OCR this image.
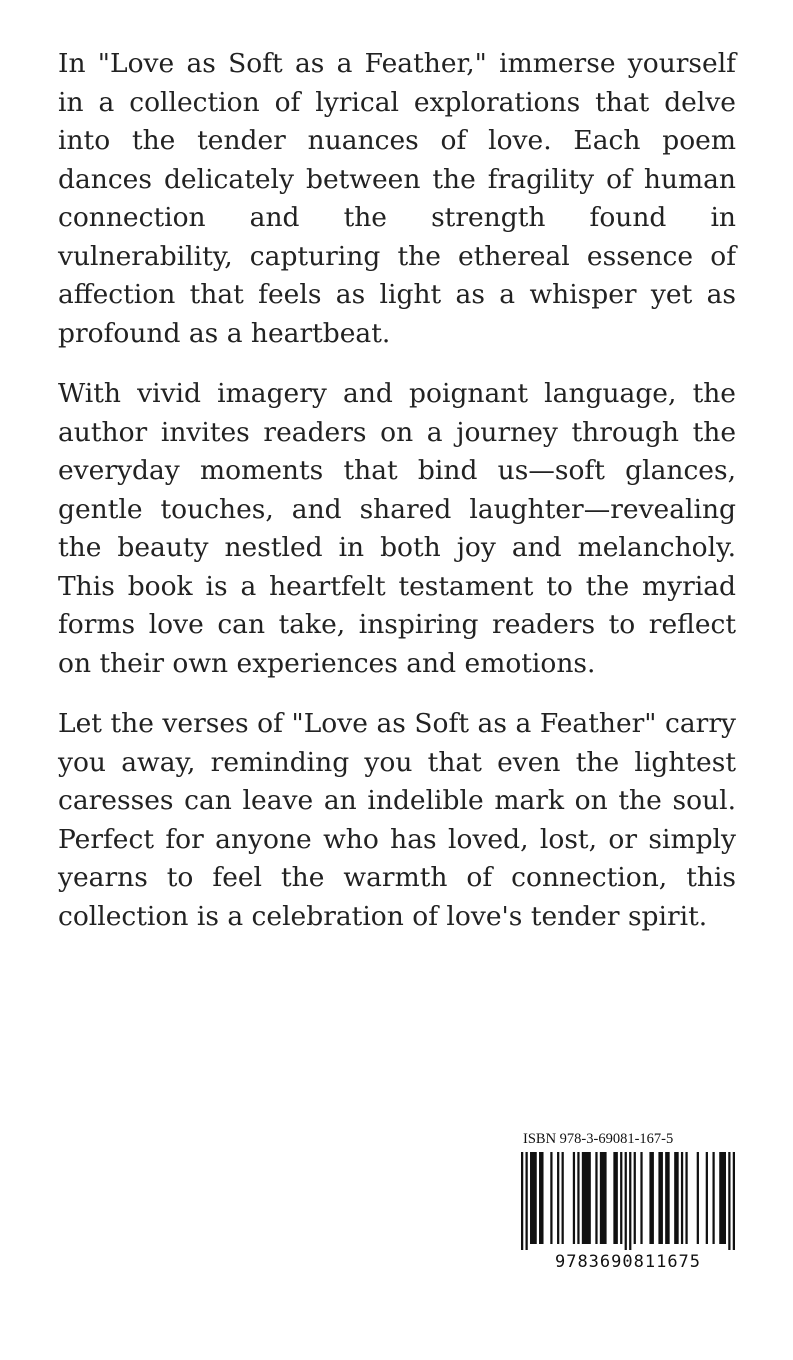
In "Love as Soft as a Feather," immerse yourself in a collection of lyrical explorations that delve into the tender nuances of love. Each poem dances delicately between the fragility of human connection and the strength found in vulnerability, capturing the ethereal essence of affection that feels as light as a whisper yet as profound as a heartbeat.

With vivid imagery and poignant language, the author invites readers on a journey through the everyday moments that bind us—soft glances, gentle touches, and shared laughter—revealing the beauty nestled in both joy and melancholy. This book is a heartfelt testament to the myriad forms love can take, inspiring readers to reflect on their own experiences and emotions.

Let the verses of "Love as Soft as a Feather" carry you away, reminding you that even the lightest caresses can leave an indelible mark on the soul. Perfect for anyone who has loved, lost, or simply yearns to feel the warmth of connection, this collection is a celebration of love's tender spirit.

ISBN 978-3-69081-167-5
9783690811675
